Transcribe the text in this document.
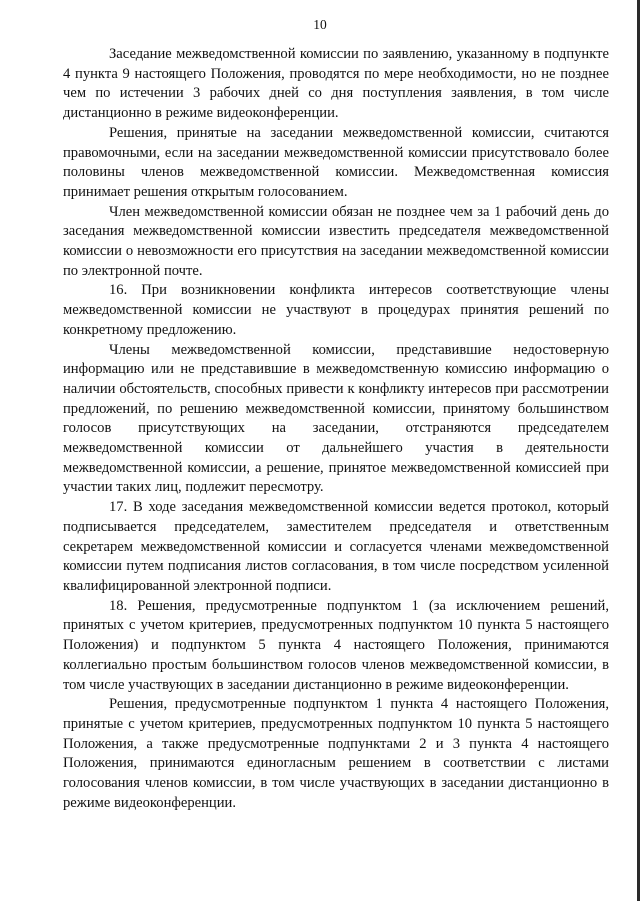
10

Заседание межведомственной комиссии по заявлению, указанному в подпункте 4 пункта 9 настоящего Положения, проводятся по мере необходимости, но не позднее чем по истечении 3 рабочих дней со дня поступления заявления, в том числе дистанционно в режиме видеоконференции.

Решения, принятые на заседании межведомственной комиссии, считаются правомочными, если на заседании межведомственной комиссии присутствовало более половины членов межведомственной комиссии. Межведомственная комиссия принимает решения открытым голосованием.

Член межведомственной комиссии обязан не позднее чем за 1 рабочий день до заседания межведомственной комиссии известить председателя межведомственной комиссии о невозможности его присутствия на заседании межведомственной комиссии по электронной почте.

16. При возникновении конфликта интересов соответствующие члены межведомственной комиссии не участвуют в процедурах принятия решений по конкретному предложению.

Члены межведомственной комиссии, представившие недостоверную информацию или не представившие в межведомственную комиссию информацию о наличии обстоятельств, способных привести к конфликту интересов при рассмотрении предложений, по решению межведомственной комиссии, принятому большинством голосов присутствующих на заседании, отстраняются председателем межведомственной комиссии от дальнейшего участия в деятельности межведомственной комиссии, а решение, принятое межведомственной комиссией при участии таких лиц, подлежит пересмотру.

17. В ходе заседания межведомственной комиссии ведется протокол, который подписывается председателем, заместителем председателя и ответственным секретарем межведомственной комиссии и согласуется членами межведомственной комиссии путем подписания листов согласования, в том числе посредством усиленной квалифицированной электронной подписи.

18. Решения, предусмотренные подпунктом 1 (за исключением решений, принятых с учетом критериев, предусмотренных подпунктом 10 пункта 5 настоящего Положения) и подпунктом 5 пункта 4 настоящего Положения, принимаются коллегиально простым большинством голосов членов межведомственной комиссии, в том числе участвующих в заседании дистанционно в режиме видеоконференции.

Решения, предусмотренные подпунктом 1 пункта 4 настоящего Положения, принятые с учетом критериев, предусмотренных подпунктом 10 пункта 5 настоящего Положения, а также предусмотренные подпунктами 2 и 3 пункта 4 настоящего Положения, принимаются единогласным решением в соответствии с листами голосования членов комиссии, в том числе участвующих в заседании дистанционно в режиме видеоконференции.
